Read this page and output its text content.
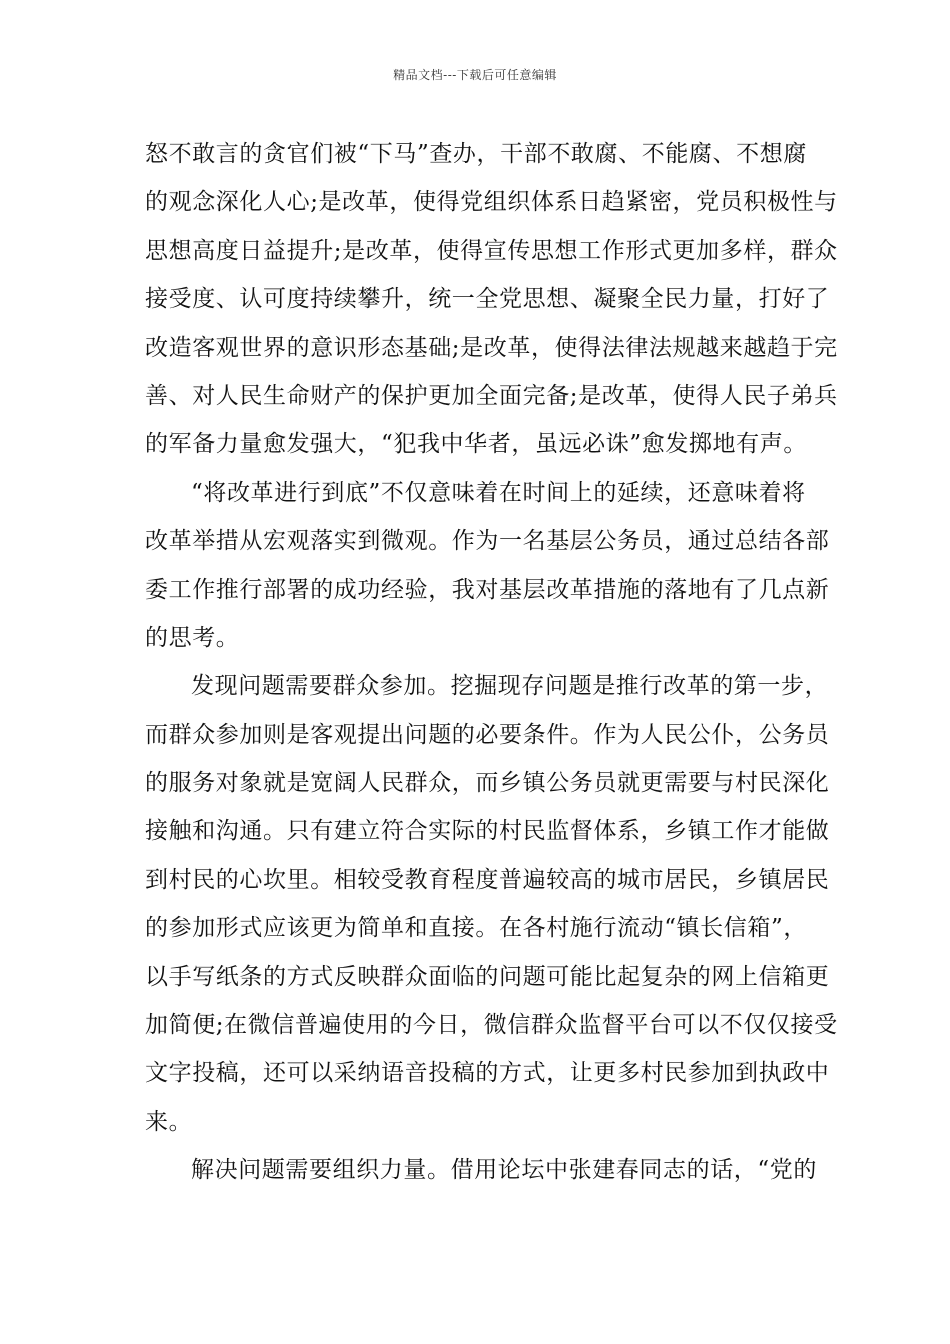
精品文档---下载后可任意编辑
怒不敢言的贪官们被“下马”查办，干部不敢腐、不能腐、不想腐
的观念深化人心;是改革，使得党组织体系日趋紧密，党员积极性与
思想高度日益提升;是改革，使得宣传思想工作形式更加多样，群众
接受度、认可度持续攀升，统一全党思想、凝聚全民力量，打好了
改造客观世界的意识形态基础;是改革，使得法律法规越来越趋于完
善、对人民生命财产的保护更加全面完备;是改革，使得人民子弟兵
的军备力量愈发强大，“犯我中华者，虽远必诛”愈发掷地有声。
“将改革进行到底”不仅意味着在时间上的延续，还意味着将
改革举措从宏观落实到微观。作为一名基层公务员，通过总结各部
委工作推行部署的成功经验，我对基层改革措施的落地有了几点新
的思考。
发现问题需要群众参加。挖掘现存问题是推行改革的第一步，
而群众参加则是客观提出问题的必要条件。作为人民公仆，公务员
的服务对象就是宽阔人民群众，而乡镇公务员就更需要与村民深化
接触和沟通。只有建立符合实际的村民监督体系，乡镇工作才能做
到村民的心坎里。相较受教育程度普遍较高的城市居民，乡镇居民
的参加形式应该更为简单和直接。在各村施行流动“镇长信箱”，
以手写纸条的方式反映群众面临的问题可能比起复杂的网上信箱更
加简便;在微信普遍使用的今日，微信群众监督平台可以不仅仅接受
文字投稿，还可以采纳语音投稿的方式，让更多村民参加到执政中
来。
解决问题需要组织力量。借用论坛中张建春同志的话，“党的
